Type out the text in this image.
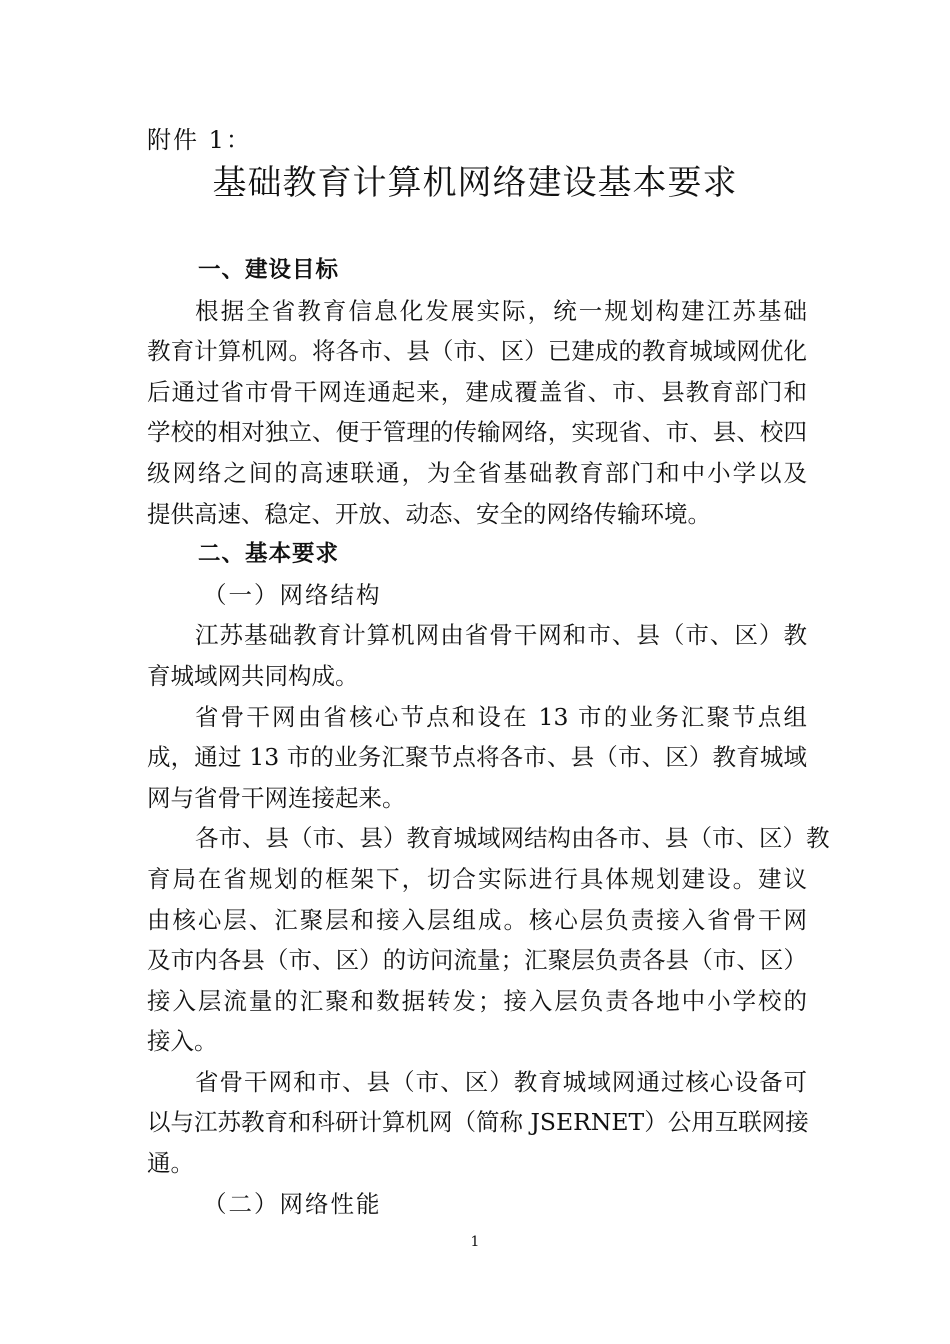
附件 1：
基础教育计算机网络建设基本要求
一、建设目标
根据全省教育信息化发展实际，统一规划构建江苏基础
教育计算机网。将各市、县（市、区）已建成的教育城域网优化
后通过省市骨干网连通起来，建成覆盖省、市、县教育部门和
学校的相对独立、便于管理的传输网络，实现省、市、县、校四
级网络之间的高速联通，为全省基础教育部门和中小学以及
提供高速、稳定、开放、动态、安全的网络传输环境。
二、基本要求
（一）网络结构
江苏基础教育计算机网由省骨干网和市、县（市、区）教
育城域网共同构成。
省骨干网由省核心节点和设在 13 市的业务汇聚节点组
成，通过 13 市的业务汇聚节点将各市、县（市、区）教育城域
网与省骨干网连接起来。
各市、县（市、县）教育城域网结构由各市、县（市、区）教
育局在省规划的框架下，切合实际进行具体规划建设。建议
由核心层、汇聚层和接入层组成。核心层负责接入省骨干网
及市内各县（市、区）的访问流量；汇聚层负责各县（市、区）
接入层流量的汇聚和数据转发；接入层负责各地中小学校的
接入。
省骨干网和市、县（市、区）教育城域网通过核心设备可
以与江苏教育和科研计算机网（简称 JSERNET）公用互联网接
通。
（二）网络性能
1
